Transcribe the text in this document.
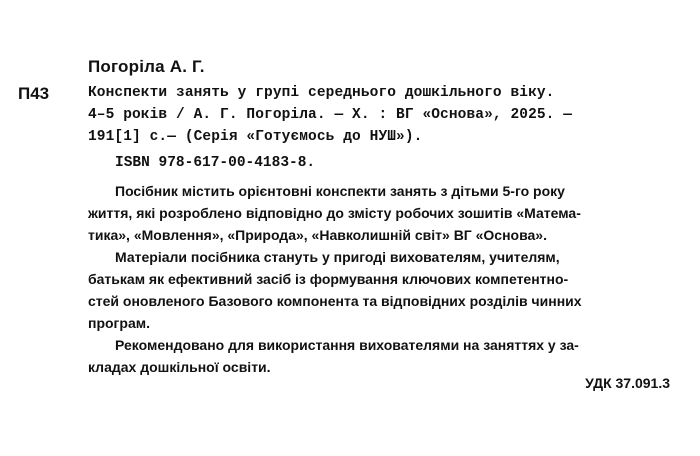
Погоріла А. Г.
П43	Конспекти занять у групі середнього дошкільного віку.
4–5 років / А. Г. Погоріла. — Х. : ВГ «Основа», 2025. —
191[1] с.— (Серія «Готуємось до НУШ»).
ISBN 978-617-00-4183-8.
Посібник містить орієнтовні конспекти занять з дітьми 5-го року
життя, які розроблено відповідно до змісту робочих зошитів «Матема-
тика», «Мовлення», «Природа», «Навколишній світ» ВГ «Основа».
Матеріали посібника стануть у пригоді вихователям, учителям,
батькам як ефективний засіб із формування ключових компетентно-
стей оновленого Базового компонента та відповідних розділів чинних
програм.
Рекомендовано для використання вихователями на заняттях у за-
кладах дошкільної освіти.
УДК 37.091.3
